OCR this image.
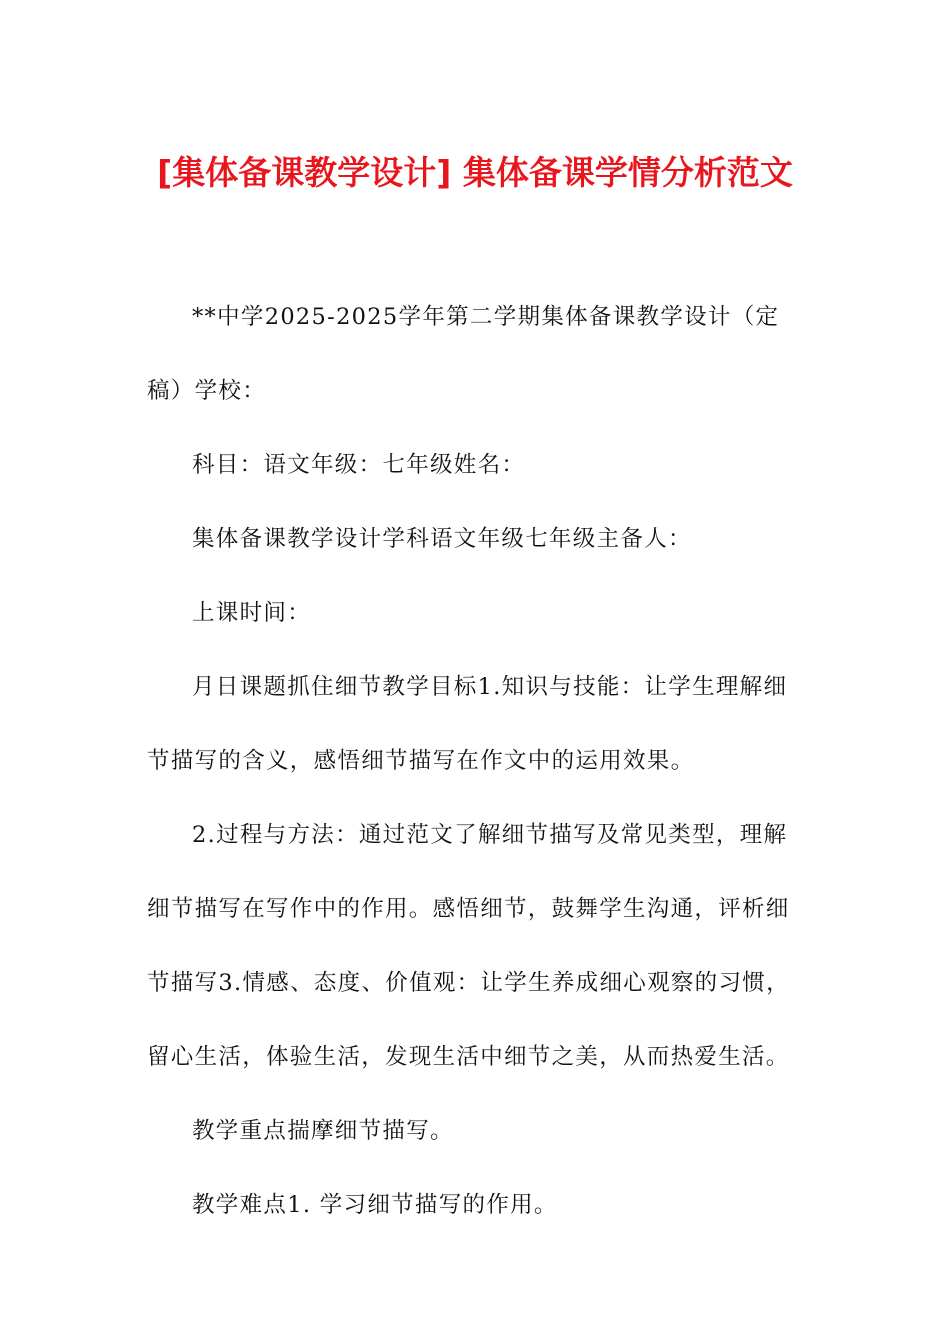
[集体备课教学设计] 集体备课学情分析范文
**中学2025-2025学年第二学期集体备课教学设计（定
稿）学校：
科目：语文年级：七年级姓名：
集体备课教学设计学科语文年级七年级主备人：
上课时间：
月日课题抓住细节教学目标1.知识与技能：让学生理解细
节描写的含义，感悟细节描写在作文中的运用效果。
2.过程与方法：通过范文了解细节描写及常见类型，理解
细节描写在写作中的作用。感悟细节，鼓舞学生沟通，评析细
节描写3.情感、态度、价值观：让学生养成细心观察的习惯，
留心生活，体验生活，发现生活中细节之美，从而热爱生活。
教学重点揣摩细节描写。
教学难点1. 学习细节描写的作用。
